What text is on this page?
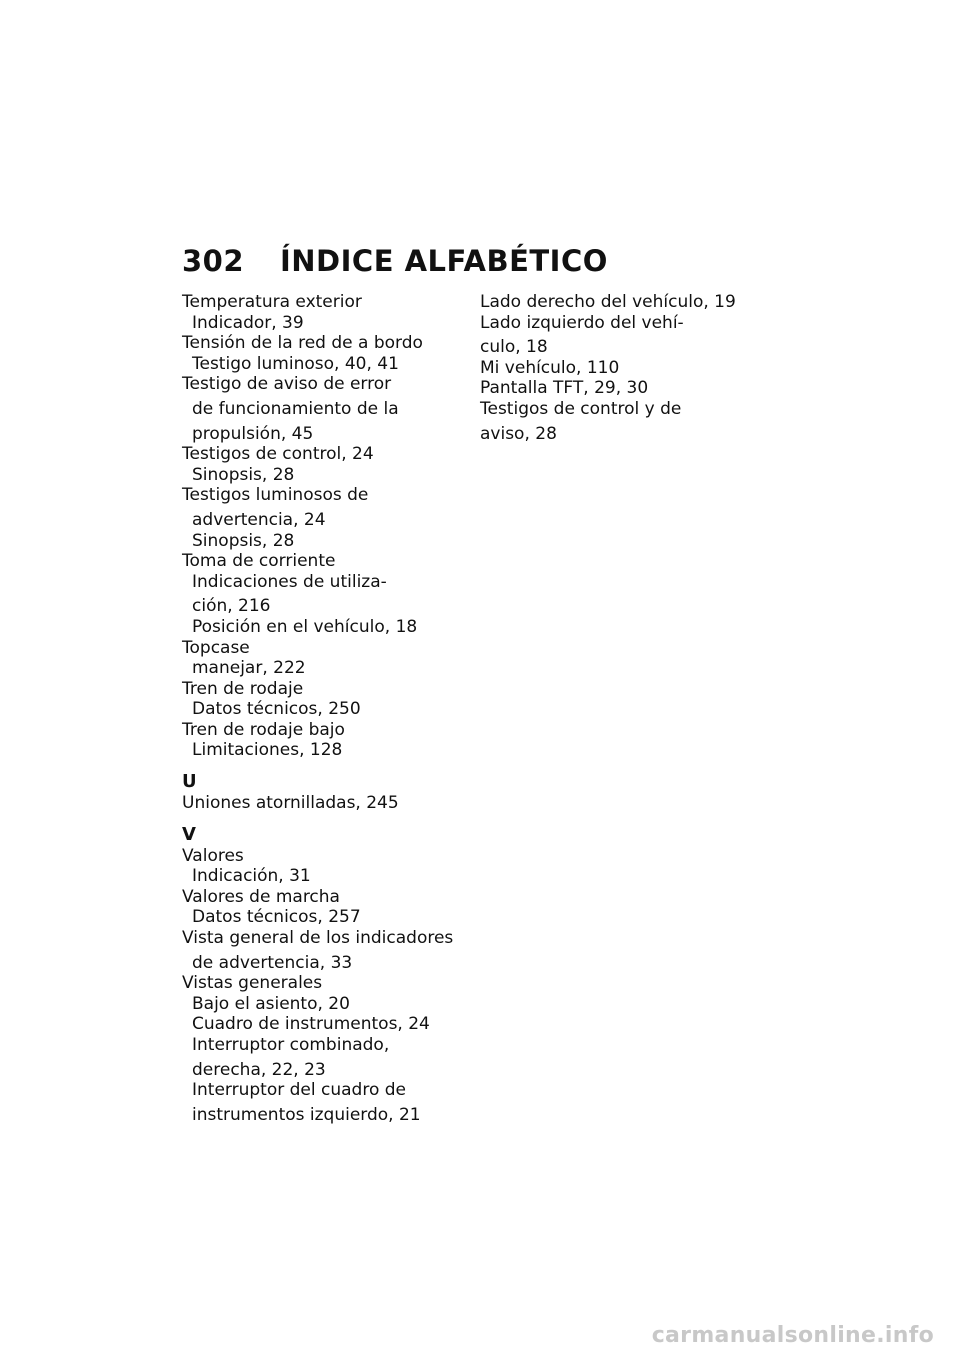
302 ÍNDICE ALFABÉTICO
Temperatura exterior
Indicador, 39
Tensión de la red de a bordo
Testigo luminoso, 40, 41
Testigo de aviso de error
de funcionamiento de la
propulsión, 45
Testigos de control, 24
Sinopsis, 28
Testigos luminosos de
advertencia, 24
Sinopsis, 28
Toma de corriente
Indicaciones de utiliza-
ción, 216
Posición en el vehículo, 18
Topcase
manejar, 222
Tren de rodaje
Datos técnicos, 250
Tren de rodaje bajo
Limitaciones, 128
U
Uniones atornilladas, 245
V
Valores
Indicación, 31
Valores de marcha
Datos técnicos, 257
Vista general de los indicadores
de advertencia, 33
Vistas generales
Bajo el asiento, 20
Cuadro de instrumentos, 24
Interruptor combinado,
derecha, 22, 23
Interruptor del cuadro de
instrumentos izquierdo, 21
Lado derecho del vehículo, 19
Lado izquierdo del vehí-
culo, 18
Mi vehículo, 110
Pantalla TFT, 29, 30
Testigos de control y de
aviso, 28
carmanualsonline.info
